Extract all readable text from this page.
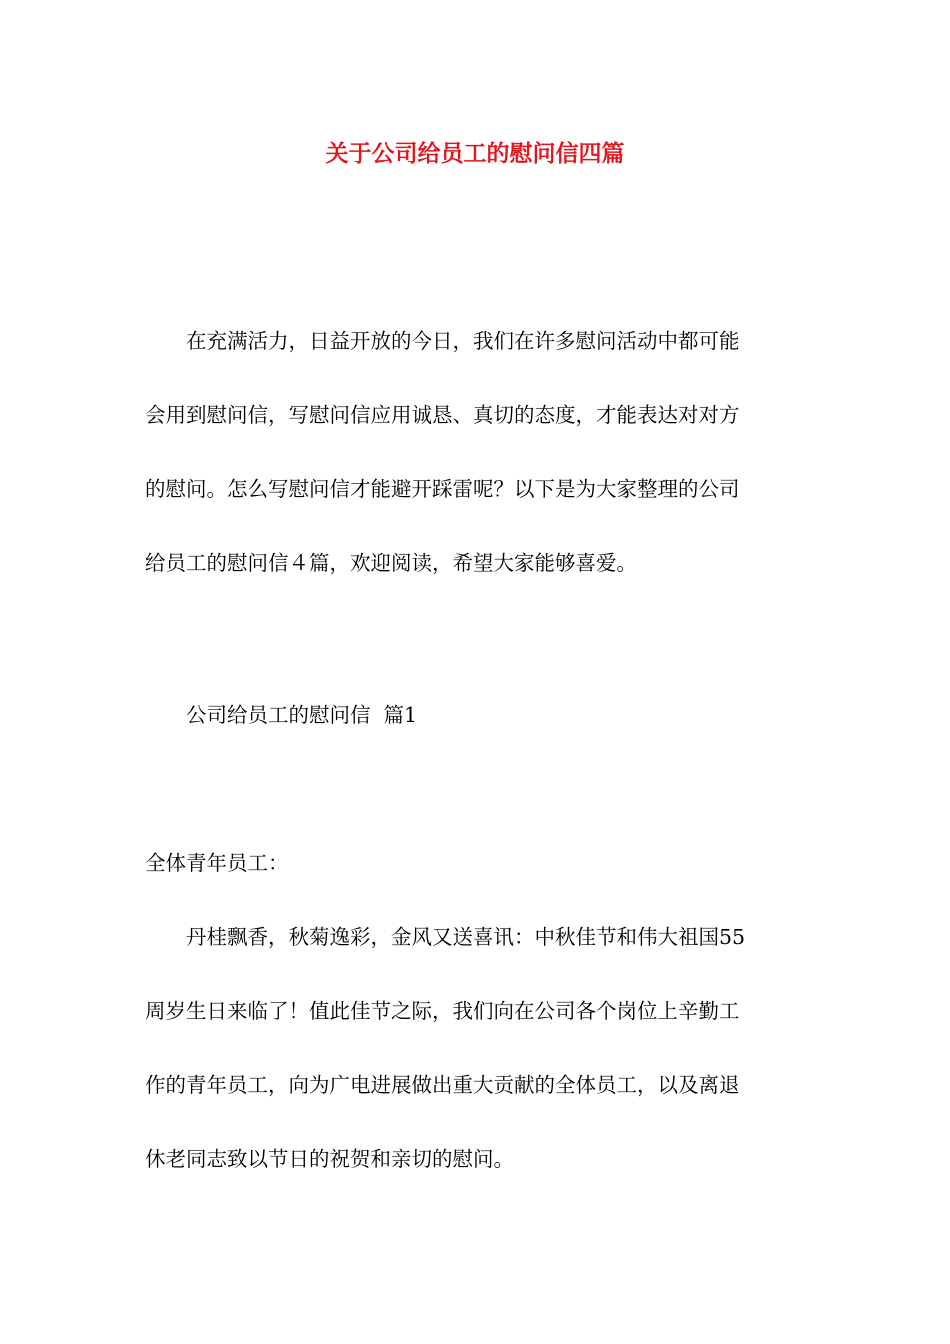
关于公司给员工的慰问信四篇
在充满活力，日益开放的今日，我们在许多慰问活动中都可能
会用到慰问信，写慰问信应用诚恳、真切的态度，才能表达对对方
的慰问。怎么写慰问信才能避开踩雷呢？以下是为大家整理的公司
给员工的慰问信４篇，欢迎阅读，希望大家能够喜爱。
公司给员工的慰问信  篇1
全体青年员工：
丹桂飘香，秋菊逸彩，金风又送喜讯：中秋佳节和伟大祖国55
周岁生日来临了！值此佳节之际，我们向在公司各个岗位上辛勤工
作的青年员工，向为广电进展做出重大贡献的全体员工，以及离退
休老同志致以节日的祝贺和亲切的慰问。
